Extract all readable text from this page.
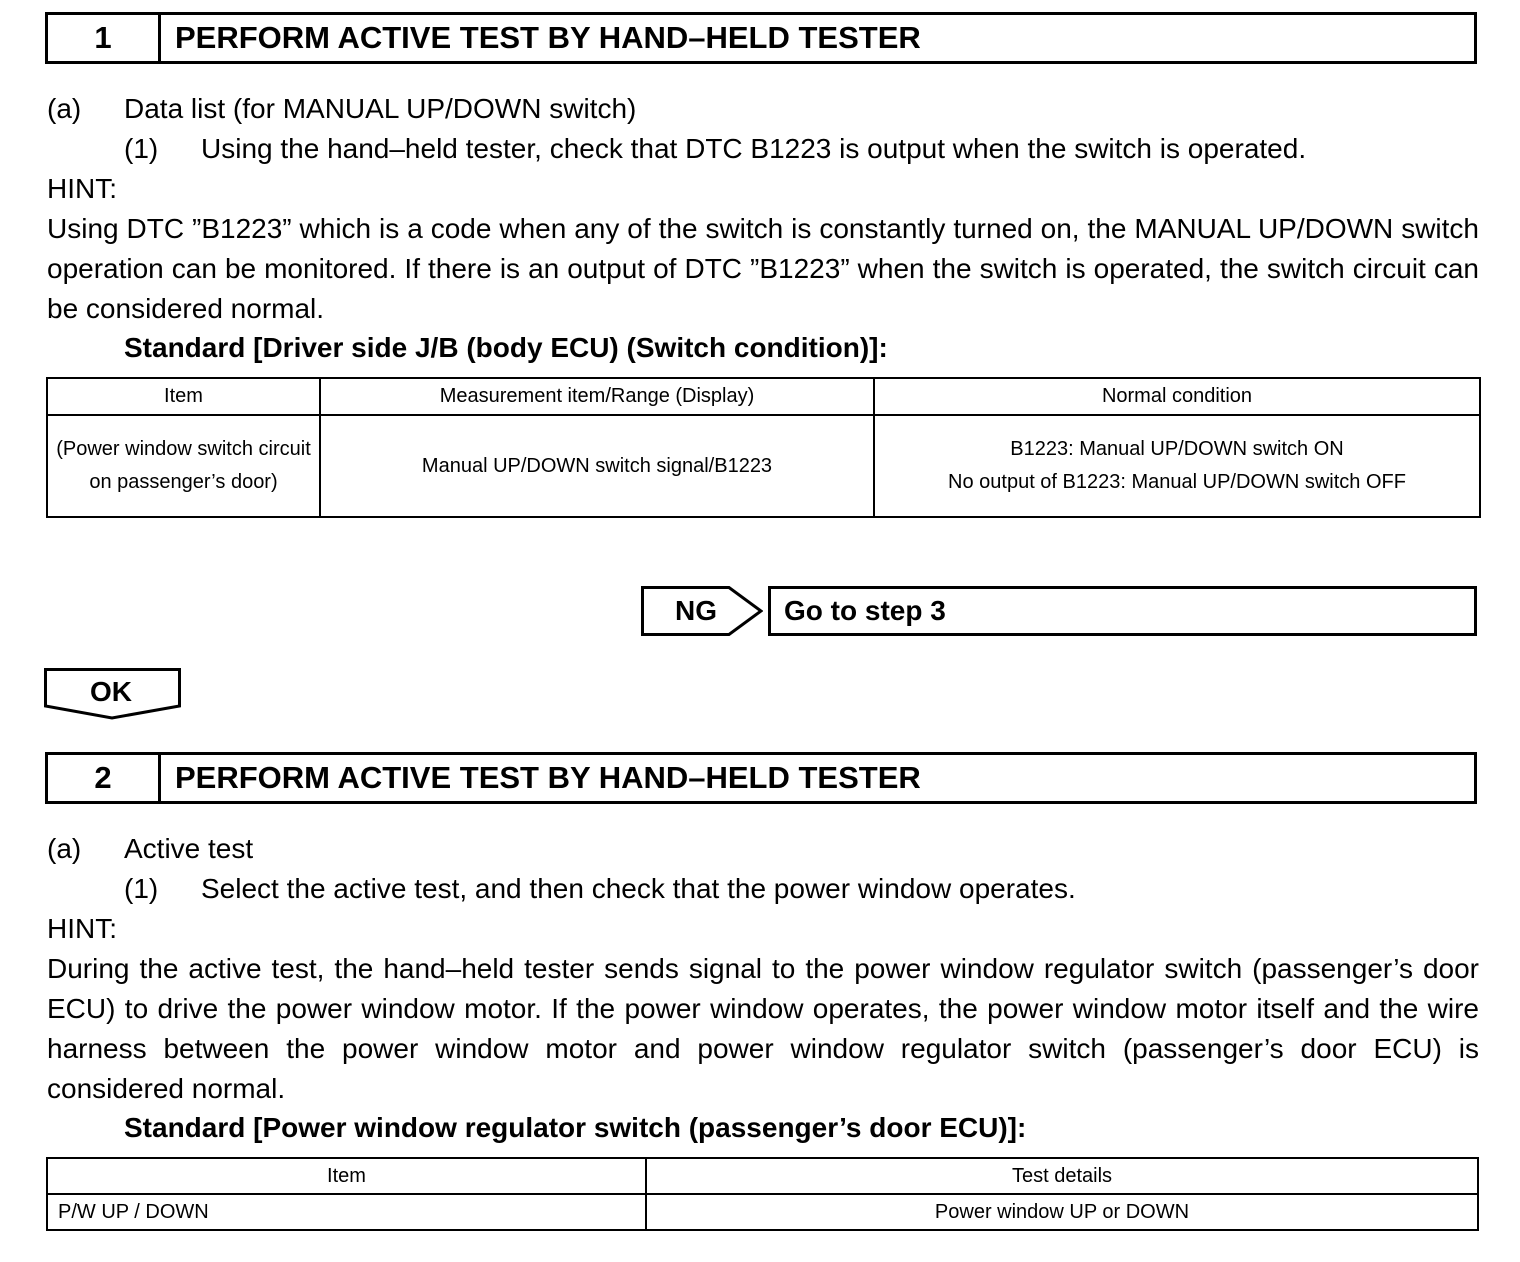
1	PERFORM ACTIVE TEST BY HAND–HELD TESTER
(a) Data list (for MANUAL UP/DOWN switch)
(1) Using the hand–held tester, check that DTC B1223 is output when the switch is operated.
HINT:
Using DTC ”B1223” which is a code when any of the switch is constantly turned on, the MANUAL UP/DOWN switch operation can be monitored. If there is an output of DTC ”B1223” when the switch is operated, the switch circuit can be considered normal.
Standard [Driver side J/B (body ECU) (Switch condition)]:
Item	Measurement item/Range (Display)	Normal condition
(Power window switch circuit on passenger’s door)	Manual UP/DOWN switch signal/B1223	B1223: Manual UP/DOWN switch ON
No output of B1223: Manual UP/DOWN switch OFF
NG	Go to step 3
OK
2	PERFORM ACTIVE TEST BY HAND–HELD TESTER
(a) Active test
(1) Select the active test, and then check that the power window operates.
HINT:
During the active test, the hand–held tester sends signal to the power window regulator switch (passenger’s door ECU) to drive the power window motor. If the power window operates, the power window motor itself and the wire harness between the power window motor and power window regulator switch (passenger’s door ECU) is considered normal.
Standard [Power window regulator switch (passenger’s door ECU)]:
Item	Test details
P/W UP / DOWN	Power window UP or DOWN
